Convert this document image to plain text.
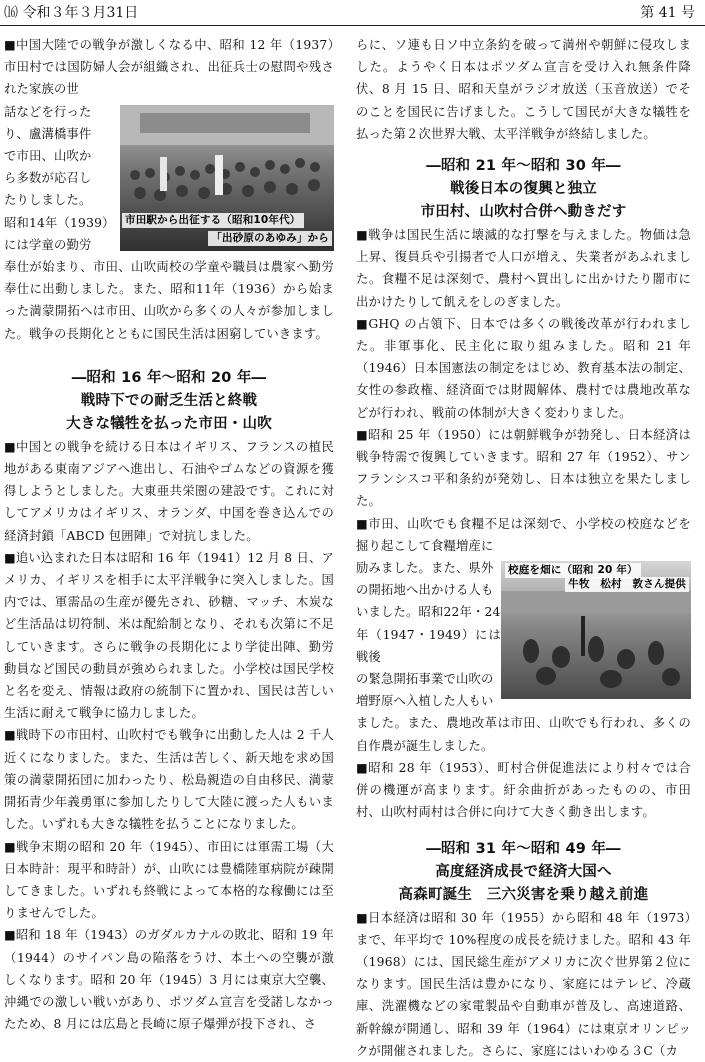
⒃ 令和３年３月31日	第 41 号

■中国大陸での戦争が激しくなる中、昭和 12 年（1937）市田村では国防婦人会が組織され、出征兵士の慰問や残された家族の世

市田駅から出征する（昭和10年代）
「出砂原のあゆみ」から

話などを行った

り、盧溝橋事件

で市田、山吹か

ら多数が応召し

たりしました。

昭和14年（1939）

には学童の勤労

奉仕が始まり、市田、山吹両校の学童や職員は農家へ勤労奉仕に出動しました。また、昭和11年（1936）から始まった満蒙開拓へは市田、山吹から多くの人々が参加しました。戦争の長期化とともに国民生活は困窮していきます。

―昭和 16 年～昭和 20 年―
戦時下での耐乏生活と終戦
大きな犠牲を払った市田・山吹

■中国との戦争を続ける日本はイギリス、フランスの植民地がある東南アジアへ進出し、石油やゴムなどの資源を獲得しようとしました。大東亜共栄圏の建設です。これに対してアメリカはイギリス、オランダ、中国を巻き込んでの経済封鎖「ABCD 包囲陣」で対抗しました。

■追い込まれた日本は昭和 16 年（1941）12 月 8 日、アメリカ、イギリスを相手に太平洋戦争に突入しました。国内では、軍需品の生産が優先され、砂糖、マッチ、木炭など生活品は切符制、米は配給制となり、それも次第に不足していきます。さらに戦争の長期化により学徒出陣、勤労動員など国民の動員が強められました。小学校は国民学校と名を変え、情報は政府の統制下に置かれ、国民は苦しい生活に耐えて戦争に協力しました。

■戦時下の市田村、山吹村でも戦争に出動した人は 2 千人近くになりました。また、生活は苦しく、新天地を求め国策の満蒙開拓団に加わったり、松島親造の自由移民、満蒙開拓青少年義勇軍に参加したりして大陸に渡った人もいました。いずれも大きな犠牲を払うことになりました。

■戦争末期の昭和 20 年（1945）、市田には軍需工場（大日本時計：現平和時計）が、山吹には豊橋陸軍病院が疎開してきました。いずれも終戦によって本格的な稼働には至りませんでした。

■昭和 18 年（1943）のガダルカナルの敗北、昭和 19 年（1944）のサイパン島の陥落をうけ、本土への空襲が激しくなります。昭和 20 年（1945）3 月には東京大空襲、沖縄での激しい戦いがあり、ポツダム宣言を受諾しなかったため、8 月には広島と長崎に原子爆弾が投下され、さ

らに、ソ連も日ソ中立条約を破って満州や朝鮮に侵攻しました。ようやく日本はポツダム宣言を受け入れ無条件降伏、8 月 15 日、昭和天皇がラジオ放送（玉音放送）でそのことを国民に告げました。こうして国民が大きな犠牲を払った第２次世界大戦、太平洋戦争が終結しました。

―昭和 21 年～昭和 30 年―
戦後日本の復興と独立
市田村、山吹村合併へ動きだす

■戦争は国民生活に壊滅的な打撃を与えました。物価は急上昇、復員兵や引揚者で人口が増え、失業者があふれました。食糧不足は深刻で、農村へ買出しに出かけたり闇市に出かけたりして飢えをしのぎました。

■GHQ の占領下、日本では多くの戦後改革が行われました。非軍事化、民主化に取り組みました。昭和 21 年（1946）日本国憲法の制定をはじめ、教育基本法の制定、女性の参政権、経済面では財閥解体、農村では農地改革などが行われ、戦前の体制が大きく変わりました。

■昭和 25 年（1950）には朝鮮戦争が勃発し、日本経済は戦争特需で復興していきます。昭和 27 年（1952）、サンフランシスコ平和条約が発効し、日本は独立を果たしました。

■市田、山吹でも食糧不足は深刻で、小学校の校庭などを掘り起こして食糧増産に

校庭を畑に（昭和 20 年）
牛牧　松村　敦さん提供

励みました。また、県外

の開拓地へ出かける人も

いました。昭和22年・24

年（1947・1949）には戦後

の緊急開拓事業で山吹の

増野原へ入植した人もい

ました。また、農地改革は市田、山吹でも行われ、多くの自作農が誕生しました。

■昭和 28 年（1953）、町村合併促進法により村々では合併の機運が高まります。紆余曲折があったものの、市田村、山吹村両村は合併に向けて大きく動き出します。

―昭和 31 年～昭和 49 年―
高度経済成長で経済大国へ
高森町誕生　三六災害を乗り越え前進

■日本経済は昭和 30 年（1955）から昭和 48 年（1973）まで、年平均で 10%程度の成長を続けました。昭和 43 年（1968）には、国民総生産がアメリカに次ぐ世界第２位になります。国民生活は豊かになり、家庭にはテレビ、冷蔵庫、洗濯機などの家電製品や自動車が普及し、高速道路、新幹線が開通し、昭和 39 年（1964）には東京オリンピックが開催されました。さらに、家庭にはいわゆる３C（カ
